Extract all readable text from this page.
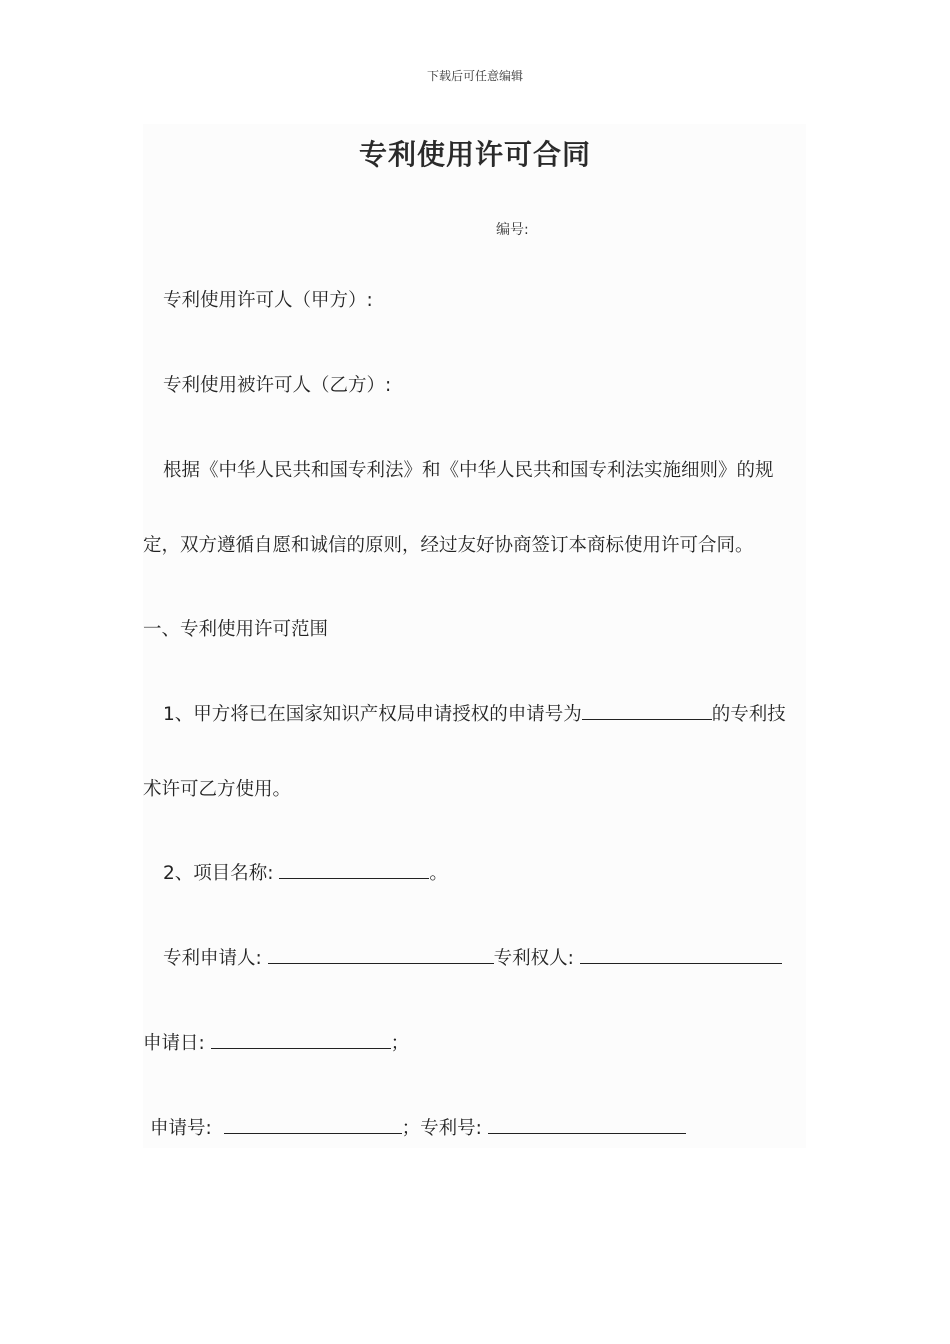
下载后可任意编辑
专利使用许可合同
编号:
专利使用许可人（甲方）:
专利使用被许可人（乙方）:
根据《中华人民共和国专利法》和《中华人民共和国专利法实施细则》的规
定，双方遵循自愿和诚信的原则，经过友好协商签订本商标使用许可合同。
一、专利使用许可范围
1、甲方将已在国家知识产权局申请授权的申请号为	的专利技
术许可乙方使用。
2、项目名称:	。
专利申请人:	专利权人:
申请日:	；
申请号:	；专利号:
